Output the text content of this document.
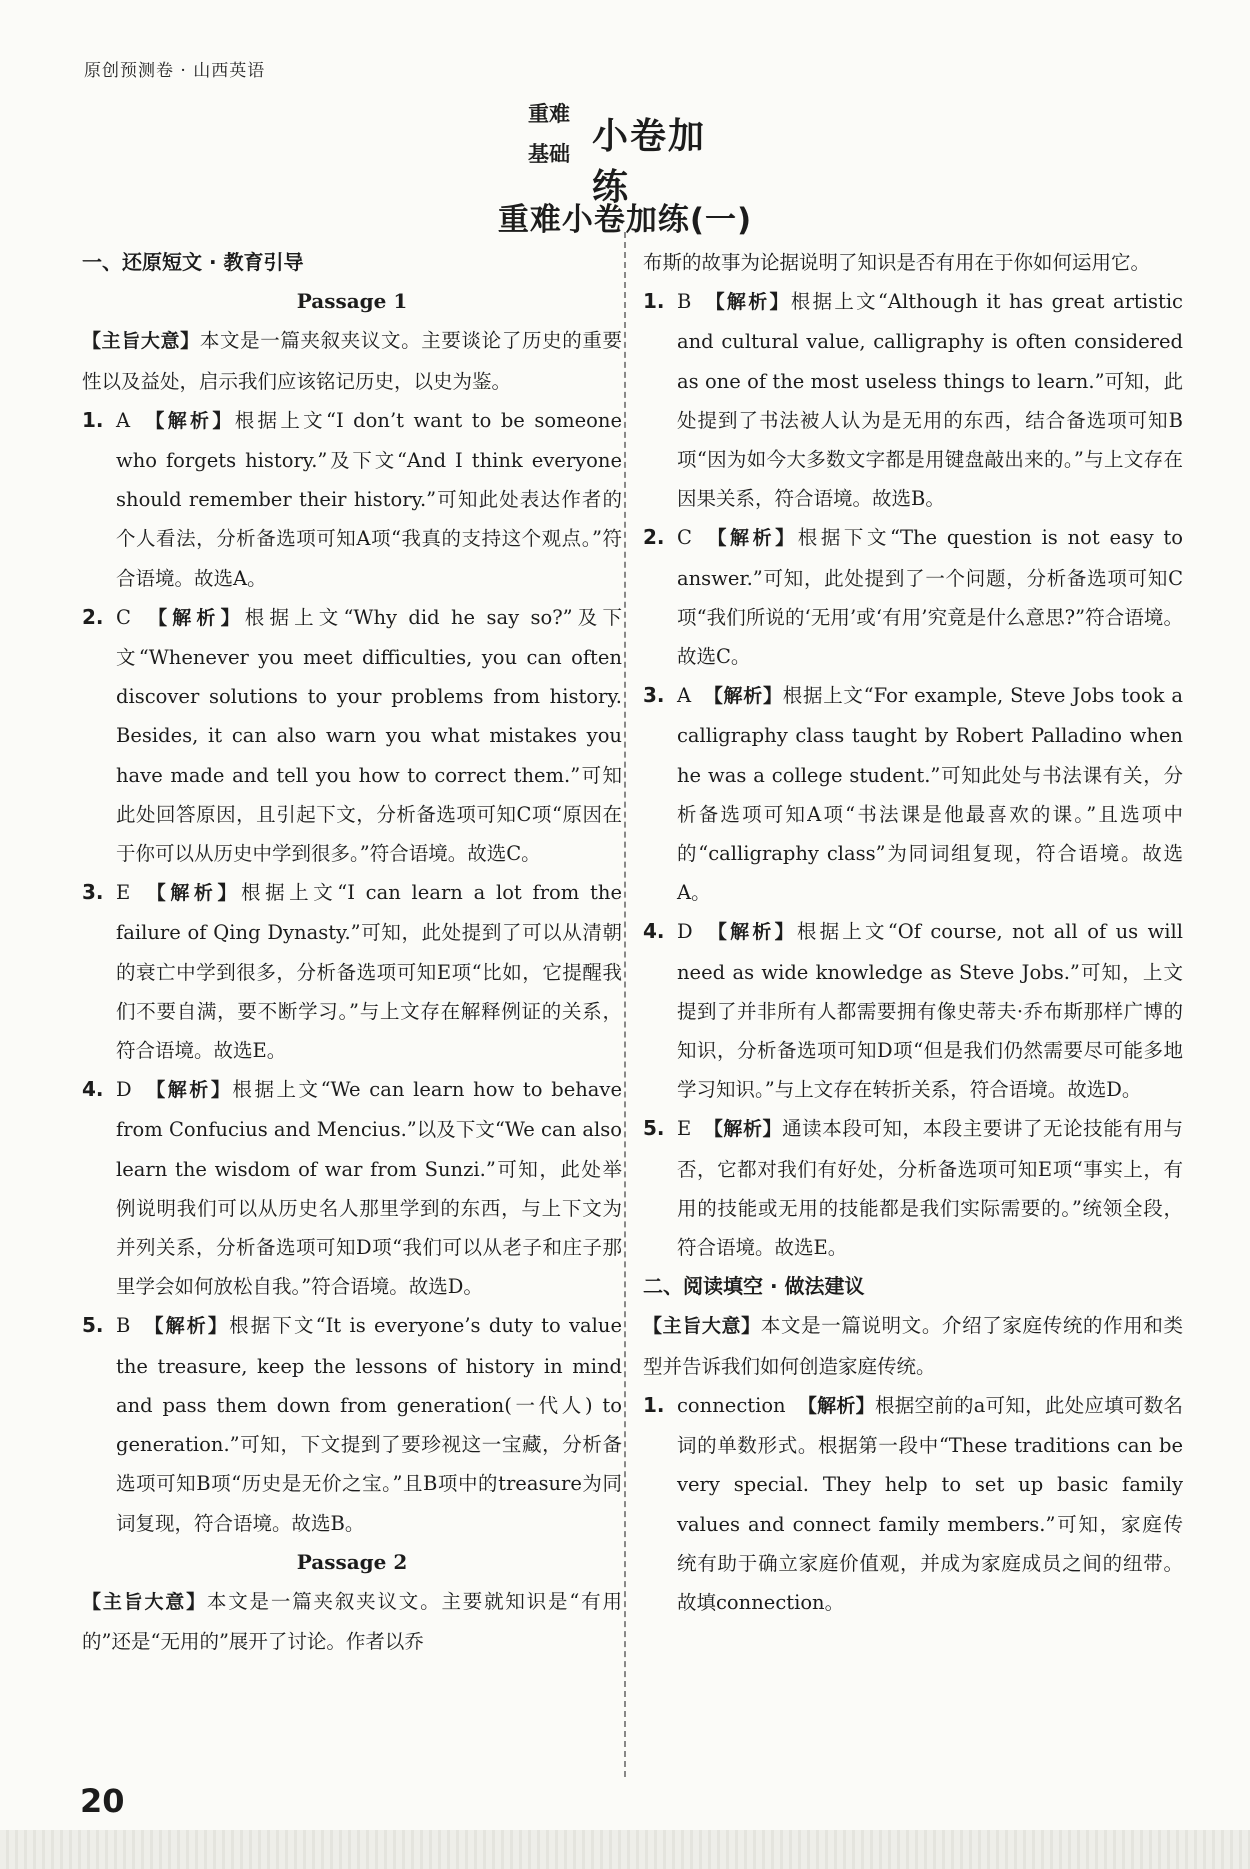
原创预测卷 · 山西英语
重难
基础 小卷加练
重难小卷加练(一)
一、还原短文 · 教育引导
Passage 1
【主旨大意】本文是一篇夹叙夹议文。主要谈论了历史的重要性以及益处，启示我们应该铭记历史，以史为鉴。
1. A 【解析】根据上文“I don’t want to be someone who forgets history.”及下文“And I think everyone should remember their history.”可知此处表达作者的个人看法，分析备选项可知A项“我真的支持这个观点。”符合语境。故选A。
2. C 【解析】根据上文“Why did he say so?”及下文“Whenever you meet difficulties, you can often discover solutions to your problems from history. Besides, it can also warn you what mistakes you have made and tell you how to correct them.”可知此处回答原因，且引起下文，分析备选项可知C项“原因在于你可以从历史中学到很多。”符合语境。故选C。
3. E 【解析】根据上文“I can learn a lot from the failure of Qing Dynasty.”可知，此处提到了可以从清朝的衰亡中学到很多，分析备选项可知E项“比如，它提醒我们不要自满，要不断学习。”与上文存在解释例证的关系，符合语境。故选E。
4. D 【解析】根据上文“We can learn how to behave from Confucius and Mencius.”以及下文“We can also learn the wisdom of war from Sunzi.”可知，此处举例说明我们可以从历史名人那里学到的东西，与上下文为并列关系，分析备选项可知D项“我们可以从老子和庄子那里学会如何放松自我。”符合语境。故选D。
5. B 【解析】根据下文“It is everyone’s duty to value the treasure, keep the lessons of history in mind and pass them down from generation(一代人) to generation.”可知，下文提到了要珍视这一宝藏，分析备选项可知B项“历史是无价之宝。”且B项中的treasure为同词复现，符合语境。故选B。
Passage 2
【主旨大意】本文是一篇夹叙夹议文。主要就知识是“有用的”还是“无用的”展开了讨论。作者以乔
布斯的故事为论据说明了知识是否有用在于你如何运用它。
1. B 【解析】根据上文“Although it has great artistic and cultural value, calligraphy is often considered as one of the most useless things to learn.”可知，此处提到了书法被人认为是无用的东西，结合备选项可知B项“因为如今大多数文字都是用键盘敲出来的。”与上文存在因果关系，符合语境。故选B。
2. C 【解析】根据下文“The question is not easy to answer.”可知，此处提到了一个问题，分析备选项可知C项“我们所说的‘无用’或‘有用’究竟是什么意思?”符合语境。故选C。
3. A 【解析】根据上文“For example, Steve Jobs took a calligraphy class taught by Robert Palladino when he was a college student.”可知此处与书法课有关，分析备选项可知A项“书法课是他最喜欢的课。”且选项中的“calligraphy class”为同词组复现，符合语境。故选A。
4. D 【解析】根据上文“Of course, not all of us will need as wide knowledge as Steve Jobs.”可知，上文提到了并非所有人都需要拥有像史蒂夫·乔布斯那样广博的知识，分析备选项可知D项“但是我们仍然需要尽可能多地学习知识。”与上文存在转折关系，符合语境。故选D。
5. E 【解析】通读本段可知，本段主要讲了无论技能有用与否，它都对我们有好处，分析备选项可知E项“事实上，有用的技能或无用的技能都是我们实际需要的。”统领全段，符合语境。故选E。
二、阅读填空 · 做法建议
【主旨大意】本文是一篇说明文。介绍了家庭传统的作用和类型并告诉我们如何创造家庭传统。
1. connection 【解析】根据空前的a可知，此处应填可数名词的单数形式。根据第一段中“These traditions can be very special. They help to set up basic family values and connect family members.”可知，家庭传统有助于确立家庭价值观，并成为家庭成员之间的纽带。故填connection。
20
